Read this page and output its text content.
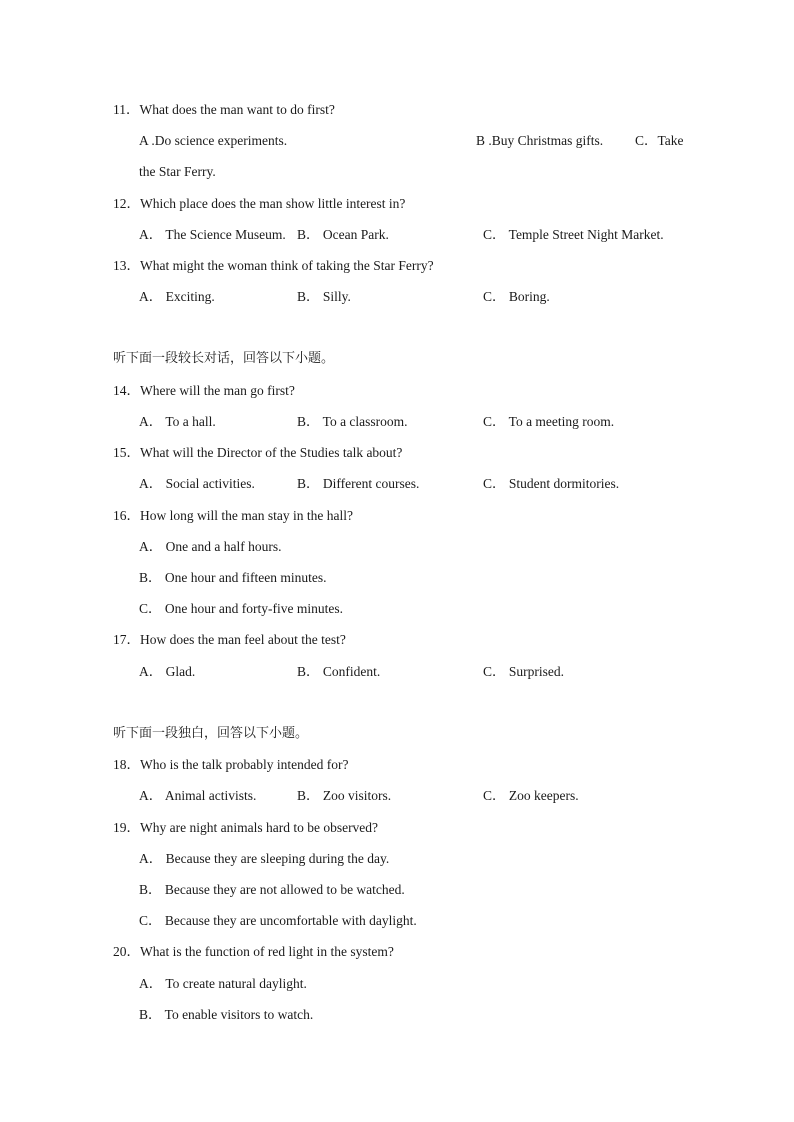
11．What does the man want to do first?
A .Do science experiments.	B .Buy Christmas gifts. C．Take
the Star Ferry.
12．Which place does the man show little interest in?
A． The Science Museum. B． Ocean Park.	C． Temple Street Night Market.
13．What might the woman think of taking the Star Ferry?
A． Exciting.	B． Silly.	C． Boring.
听下面一段较长对话，回答以下小题。
14．Where will the man go first?
A． To a hall.	B． To a classroom.	C． To a meeting room.
15．What will the Director of the Studies talk about?
A． Social activities.	B． Different courses.	C． Student dormitories.
16．How long will the man stay in the hall?
A． One and a half hours.
B． One hour and fifteen minutes.
C． One hour and forty-five minutes.
17．How does the man feel about the test?
A． Glad.	B． Confident.	C． Surprised.
听下面一段独白，回答以下小题。
18．Who is the talk probably intended for?
A． Animal activists.	B． Zoo visitors.	C． Zoo keepers.
19．Why are night animals hard to be observed?
A． Because they are sleeping during the day.
B． Because they are not allowed to be watched.
C． Because they are uncomfortable with daylight.
20．What is the function of red light in the system?
A． To create natural daylight.
B． To enable visitors to watch.
